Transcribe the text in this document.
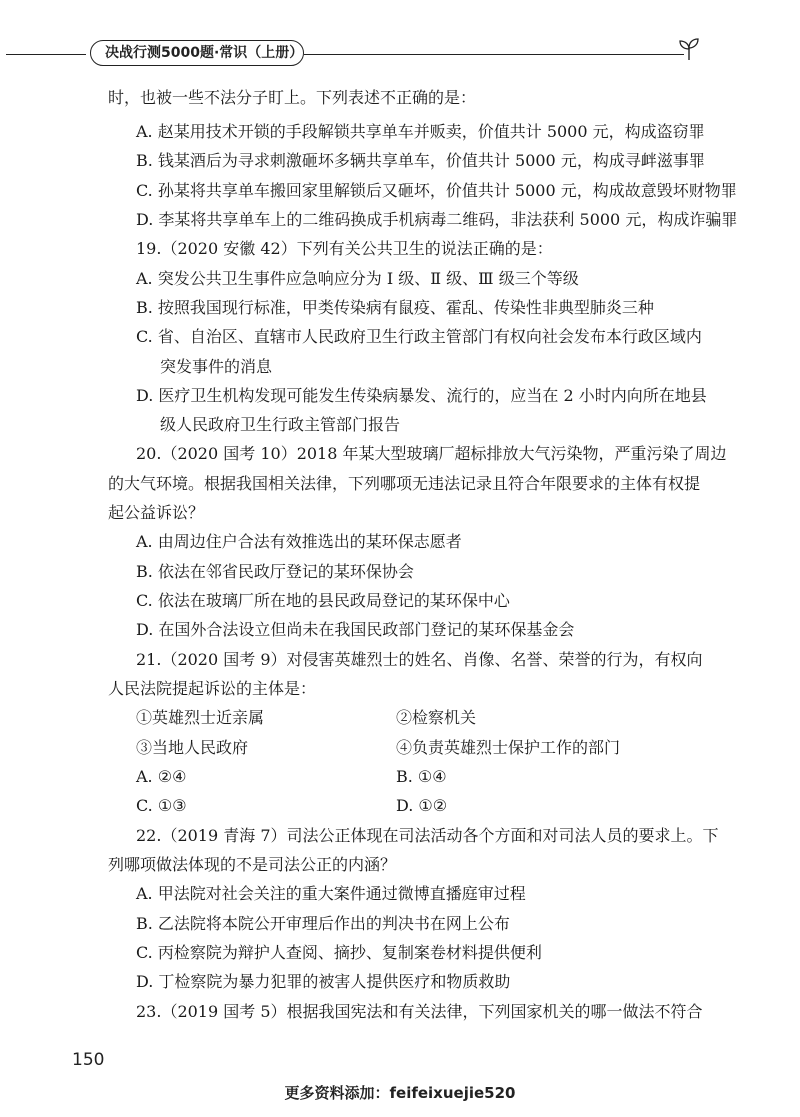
决战行测5000题·常识（上册）
时，也被一些不法分子盯上。下列表述不正确的是：
A. 赵某用技术开锁的手段解锁共享单车并贩卖，价值共计 5000 元，构成盗窃罪
B. 钱某酒后为寻求刺激砸坏多辆共享单车，价值共计 5000 元，构成寻衅滋事罪
C. 孙某将共享单车搬回家里解锁后又砸坏，价值共计 5000 元，构成故意毁坏财物罪
D. 李某将共享单车上的二维码换成手机病毒二维码，非法获利 5000 元，构成诈骗罪
19.（2020 安徽 42）下列有关公共卫生的说法正确的是：
A. 突发公共卫生事件应急响应分为 Ⅰ 级、Ⅱ 级、Ⅲ 级三个等级
B. 按照我国现行标准，甲类传染病有鼠疫、霍乱、传染性非典型肺炎三种
C. 省、自治区、直辖市人民政府卫生行政主管部门有权向社会发布本行政区域内
突发事件的消息
D. 医疗卫生机构发现可能发生传染病暴发、流行的，应当在 2 小时内向所在地县
级人民政府卫生行政主管部门报告
20.（2020 国考 10）2018 年某大型玻璃厂超标排放大气污染物，严重污染了周边
的大气环境。根据我国相关法律，下列哪项无违法记录且符合年限要求的主体有权提
起公益诉讼？
A. 由周边住户合法有效推选出的某环保志愿者
B. 依法在邻省民政厅登记的某环保协会
C. 依法在玻璃厂所在地的县民政局登记的某环保中心
D. 在国外合法设立但尚未在我国民政部门登记的某环保基金会
21.（2020 国考 9）对侵害英雄烈士的姓名、肖像、名誉、荣誉的行为，有权向
人民法院提起诉讼的主体是：
①英雄烈士近亲属	②检察机关
③当地人民政府	④负责英雄烈士保护工作的部门
A. ②④	B. ①④
C. ①③	D. ①②
22.（2019 青海 7）司法公正体现在司法活动各个方面和对司法人员的要求上。下
列哪项做法体现的不是司法公正的内涵？
A. 甲法院对社会关注的重大案件通过微博直播庭审过程
B. 乙法院将本院公开审理后作出的判决书在网上公布
C. 丙检察院为辩护人查阅、摘抄、复制案卷材料提供便利
D. 丁检察院为暴力犯罪的被害人提供医疗和物质救助
23.（2019 国考 5）根据我国宪法和有关法律，下列国家机关的哪一做法不符合
150
更多资料添加：feifeixuejie520
